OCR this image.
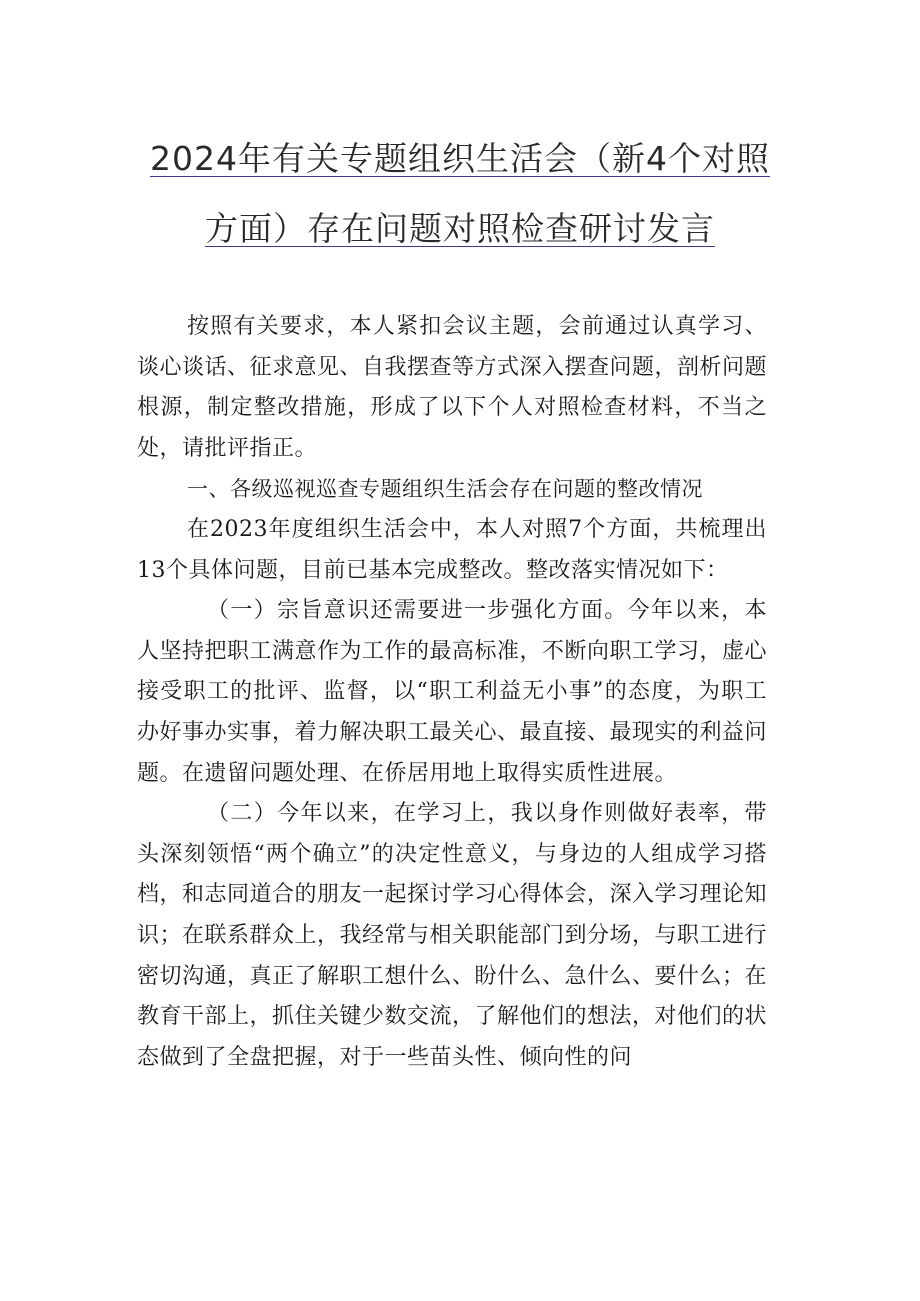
2024年有关专题组织生活会（新4个对照
方面）存在问题对照检查研讨发言

按照有关要求，本人紧扣会议主题，会前通过认真学习、谈心谈话、征求意见、自我摆查等方式深入摆查问题，剖析问题根源，制定整改措施，形成了以下个人对照检查材料，不当之处，请批评指正。

一、各级巡视巡查专题组织生活会存在问题的整改情况

在2023年度组织生活会中，本人对照7个方面，共梳理出13个具体问题，目前已基本完成整改。整改落实情况如下：

（一）宗旨意识还需要进一步强化方面。今年以来，本人坚持把职工满意作为工作的最高标准，不断向职工学习，虚心接受职工的批评、监督，以“职工利益无小事”的态度，为职工办好事办实事，着力解决职工最关心、最直接、最现实的利益问题。在遗留问题处理、在侨居用地上取得实质性进展。

（二）今年以来，在学习上，我以身作则做好表率，带头深刻领悟“两个确立”的决定性意义，与身边的人组成学习搭档，和志同道合的朋友一起探讨学习心得体会，深入学习理论知识；在联系群众上，我经常与相关职能部门到分场，与职工进行密切沟通，真正了解职工想什么、盼什么、急什么、要什么；在教育干部上，抓住关键少数交流，了解他们的想法，对他们的状态做到了全盘把握，对于一些苗头性、倾向性的问
